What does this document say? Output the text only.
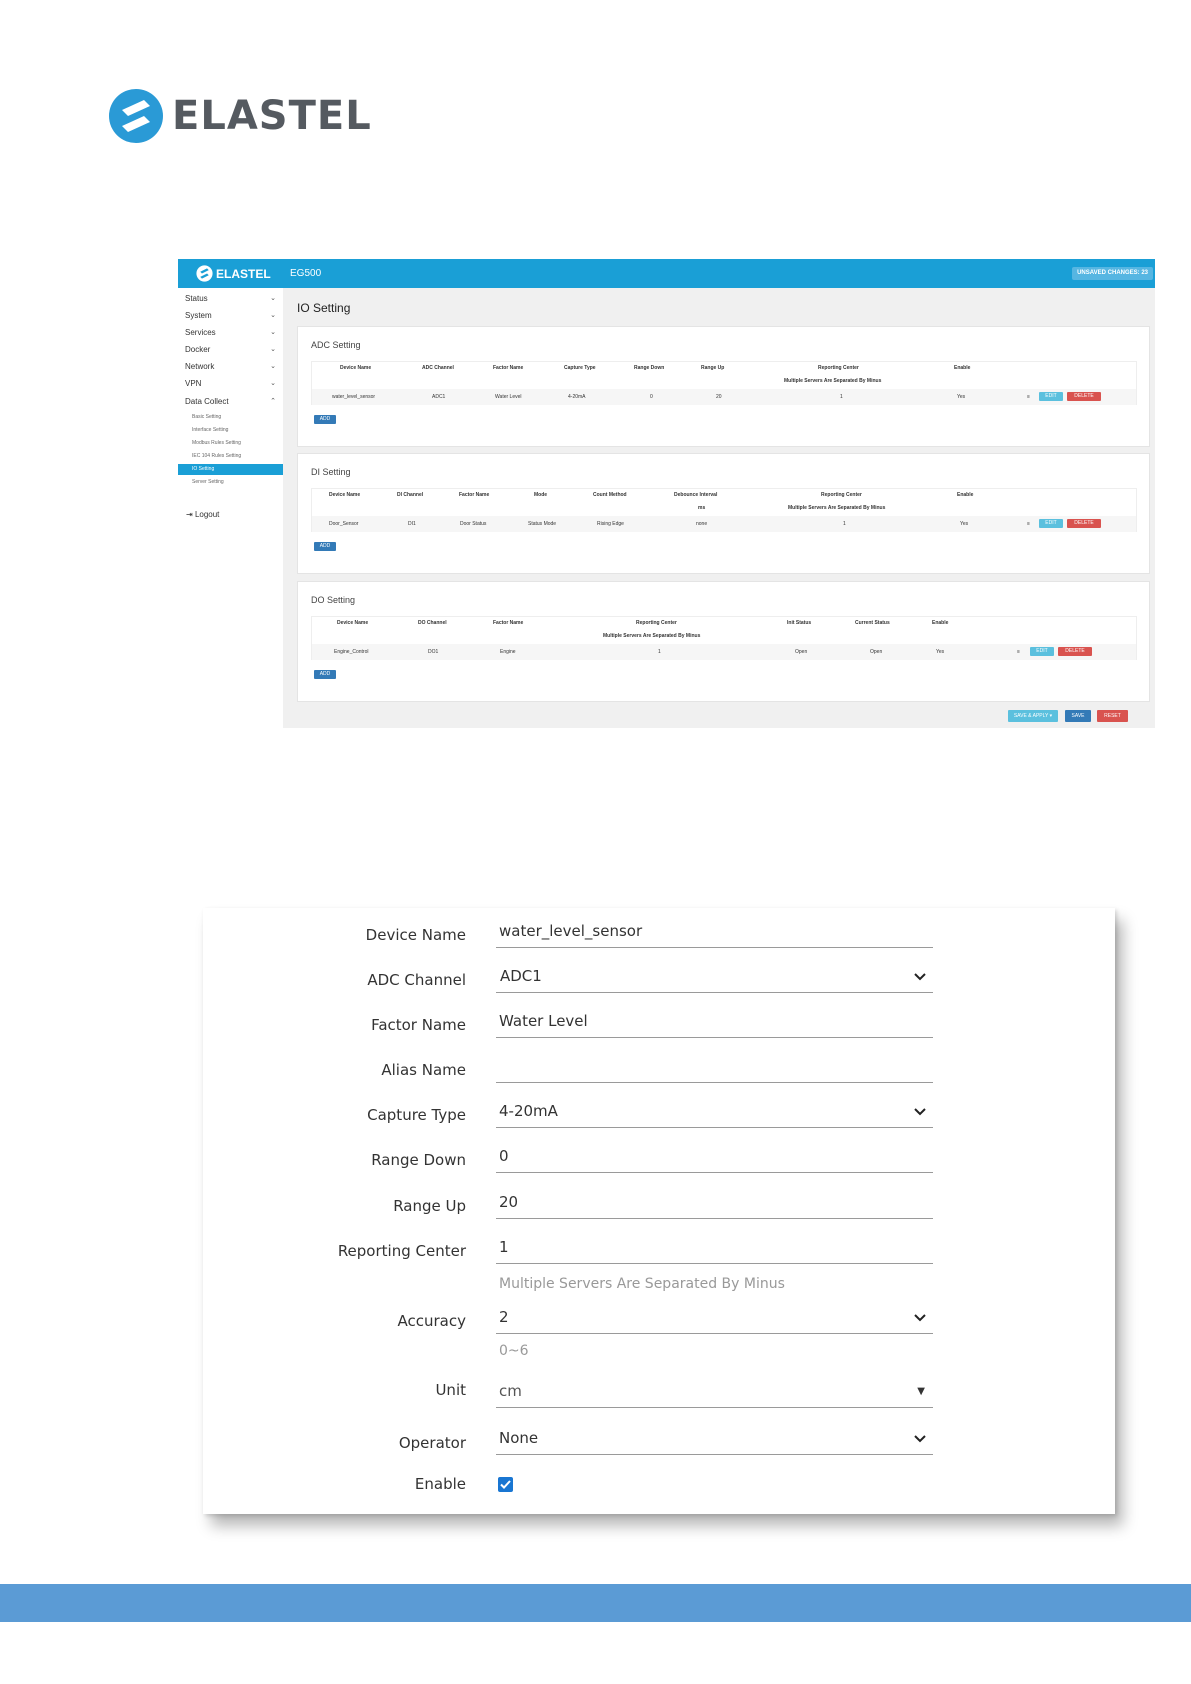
ELASTEL
ELASTEL EG500	UNSAVED CHANGES: 23
Status	⌄
System	⌄
Services	⌄
Docker	⌄
Network	⌄
VPN	⌄
Data Collect	⌃
Basic Setting
Interface Setting
Modbus Rules Setting
IEC 104 Rules Setting
IO Setting
Server Setting
⇥ Logout
IO Setting
ADC Setting
Device Name	ADC Channel	Factor Name	Capture Type	Range Down	Range Up	Reporting Center	Enable
Multiple Servers Are Separated By Minus
water_level_sensor	ADC1	Water Level	4-20mA	0	20	1	Yes	≡	EDIT	DELETE
ADD
DI Setting
Device Name	DI Channel	Factor Name	Mode	Count Method	Debounce Interval	Reporting Center	Enable
ms	Multiple Servers Are Separated By Minus
Door_Sensor	DI1	Door Status	Status Mode	Rising Edge	none	1	Yes	≡	EDIT	DELETE
ADD
DO Setting
Device Name	DO Channel	Factor Name	Reporting Center	Init Status	Current Status	Enable
Multiple Servers Are Separated By Minus
Engine_Control	DO1	Engine	1	Open	Open	Yes	≡	EDIT	DELETE
ADD
SAVE & APPLY ▾	SAVE	RESET
Device Name water_level_sensor
ADC Channel ADC1
Factor Name Water Level
Alias Name
Capture Type 4-20mA
Range Down 0
Range Up 20
Reporting Center 1
Multiple Servers Are Separated By Minus
Accuracy 2
0~6
Unit cm	▼
Operator None
Enable
